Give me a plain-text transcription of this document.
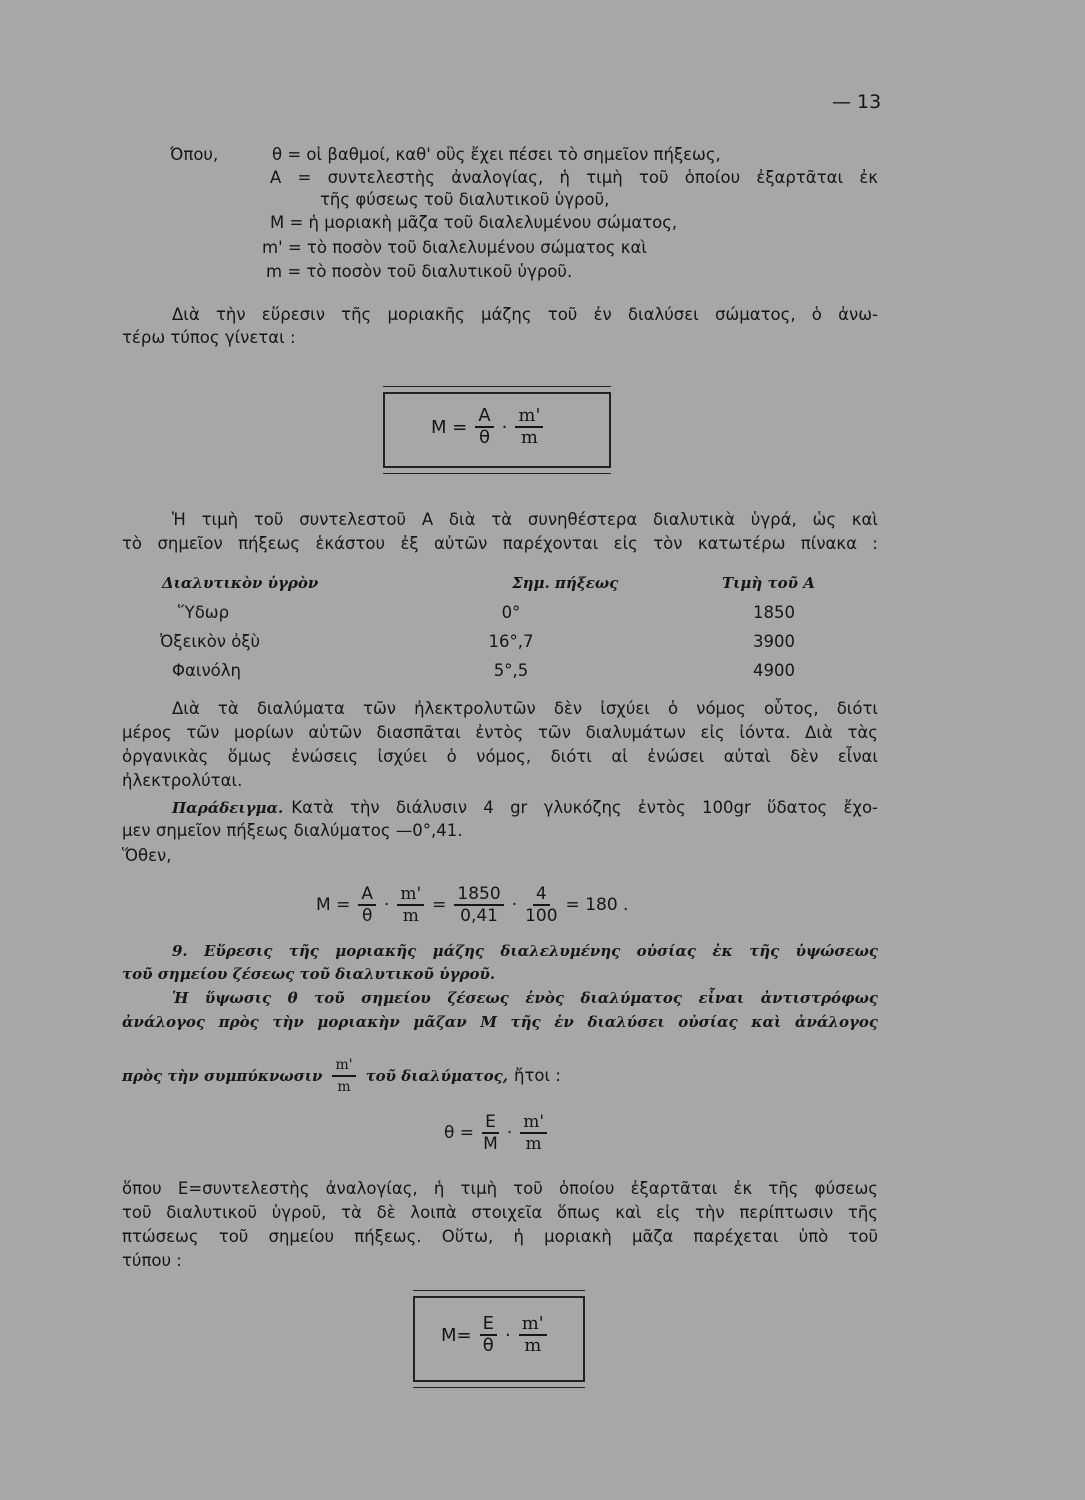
— 13
Όπου,	θ = οἱ βαθμοί, καθ' οὓς ἔχει πέσει τὸ σημεῖον πήξεως,
Α = συντελεστὴς ἀναλογίας, ἡ τιμὴ τοῦ ὁποίου ἐξαρτᾶται ἐκ
τῆς φύσεως τοῦ διαλυτικοῦ ὑγροῦ,
Μ = ἡ μοριακὴ μᾶζα τοῦ διαλελυμένου σώματος,
m' = τὸ ποσὸν τοῦ διαλελυμένου σώματος καὶ
m = τὸ ποσὸν τοῦ διαλυτικοῦ ὑγροῦ.
Διὰ τὴν εὕρεσιν τῆς μοριακῆς μάζης τοῦ ἐν διαλύσει σώματος, ὁ ἀνω-
τέρω τύπος γίνεται :
$M = \frac{A}{\theta} \cdot \frac{m'}{m}$
Ἡ τιμὴ τοῦ συντελεστοῦ Α διὰ τὰ συνηθέστερα διαλυτικὰ ὑγρά, ὡς καὶ
τὸ σημεῖον πήξεως ἑκάστου ἐξ αὐτῶν παρέχονται εἰς τὸν κατωτέρω πίνακα :
Διαλυτικὸν ὑγρὸν	Σημ. πήξεως	Τιμὴ τοῦ Α
Ὕδωρ	0°	1850
Ὀξεικὸν ὀξὺ	16°,7	3900
Φαινόλη	5°,5	4900
Διὰ τὰ διαλύματα τῶν ἠλεκτρολυτῶν δὲν ἰσχύει ὁ νόμος οὗτος, διότι
μέρος τῶν μορίων αὐτῶν διασπᾶται ἐντὸς τῶν διαλυμάτων εἰς ἰόντα. Διὰ τὰς
ὀργανικὰς ὅμως ἐνώσεις ἰσχύει ὁ νόμος, διότι αἱ ἐνώσει αὐταὶ δὲν εἶναι
ἠλεκτρολύται.
Παράδειγμα. Κατὰ τὴν διάλυσιν 4 gr γλυκόζης ἐντὸς 100gr ὕδατος ἔχο-
μεν σημεῖον πήξεως διαλύματος —0°,41.
Ὅθεν,
$M = \frac{A}{\theta} \cdot \frac{m'}{m} = \frac{1850}{0,41} \cdot \frac{4}{100} = 180$ .
9. Εὕρεσις τῆς μοριακῆς μάζης διαλελυμένης οὐσίας ἐκ τῆς ὑψώσεως
τοῦ σημείου ζέσεως τοῦ διαλυτικοῦ ὑγροῦ.
Ἡ ὕψωσις θ τοῦ σημείου ζέσεως ἑνὸς διαλύματος εἶναι ἀντιστρόφως
ἀνάλογος πρὸς τὴν μοριακὴν μᾶζαν Μ τῆς ἐν διαλύσει οὐσίας καὶ ἀνάλογος
πρὸς τὴν συμπύκνωσιν $\frac{m'}{m}$ τοῦ διαλύματος, ἤτοι :
$\theta = \frac{E}{M} \cdot \frac{m'}{m}$
ὅπου Ε=συντελεστὴς ἀναλογίας, ἡ τιμὴ τοῦ ὁποίου ἐξαρτᾶται ἐκ τῆς φύσεως
τοῦ διαλυτικοῦ ὑγροῦ, τὰ δὲ λοιπὰ στοιχεῖα ὅπως καὶ εἰς τὴν περίπτωσιν τῆς
πτώσεως τοῦ σημείου πήξεως. Οὕτω, ἡ μοριακὴ μᾶζα παρέχεται ὑπὸ τοῦ
τύπου :
$M= \frac{E}{\theta} \cdot \frac{m'}{m}$
